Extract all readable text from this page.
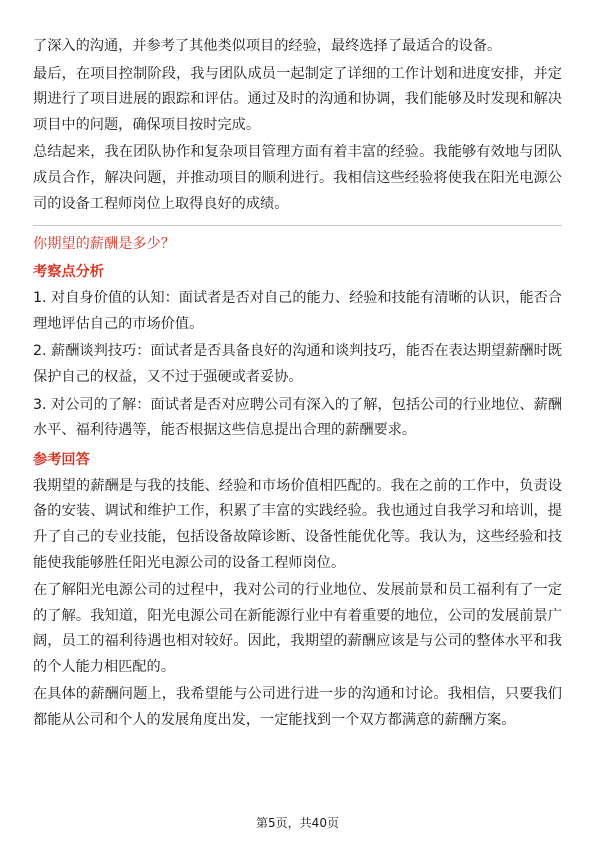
了深入的沟通，并参考了其他类似项目的经验，最终选择了最适合的设备。

最后，在项目控制阶段，我与团队成员一起制定了详细的工作计划和进度安排，并定期进行了项目进展的跟踪和评估。通过及时的沟通和协调，我们能够及时发现和解决项目中的问题，确保项目按时完成。

总结起来，我在团队协作和复杂项目管理方面有着丰富的经验。我能够有效地与团队成员合作，解决问题，并推动项目的顺利进行。我相信这些经验将使我在阳光电源公司的设备工程师岗位上取得良好的成绩。

你期望的薪酬是多少？
考察点分析

1. 对自身价值的认知：面试者是否对自己的能力、经验和技能有清晰的认识，能否合理地评估自己的市场价值。

2. 薪酬谈判技巧：面试者是否具备良好的沟通和谈判技巧，能否在表达期望薪酬时既保护自己的权益，又不过于强硬或者妥协。

3. 对公司的了解：面试者是否对应聘公司有深入的了解，包括公司的行业地位、薪酬水平、福利待遇等，能否根据这些信息提出合理的薪酬要求。

参考回答

我期望的薪酬是与我的技能、经验和市场价值相匹配的。我在之前的工作中，负责设备的安装、调试和维护工作，积累了丰富的实践经验。我也通过自我学习和培训，提升了自己的专业技能，包括设备故障诊断、设备性能优化等。我认为，这些经验和技能使我能够胜任阳光电源公司的设备工程师岗位。

在了解阳光电源公司的过程中，我对公司的行业地位、发展前景和员工福利有了一定的了解。我知道，阳光电源公司在新能源行业中有着重要的地位，公司的发展前景广阔，员工的福利待遇也相对较好。因此，我期望的薪酬应该是与公司的整体水平和我的个人能力相匹配的。

在具体的薪酬问题上，我希望能与公司进行进一步的沟通和讨论。我相信，只要我们都能从公司和个人的发展角度出发，一定能找到一个双方都满意的薪酬方案。

第5页，共40页
